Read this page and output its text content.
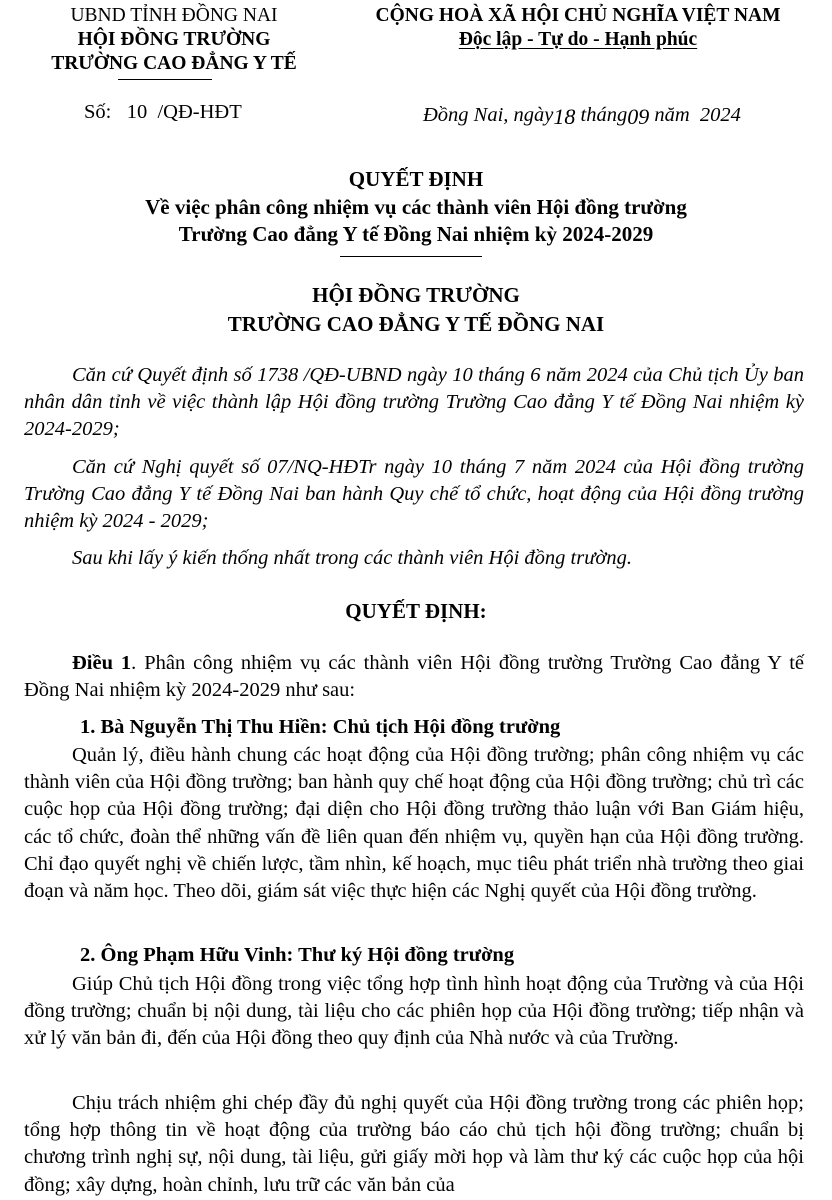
UBND TỈNH ĐỒNG NAI
HỘI ĐỒNG TRƯỜNG
TRƯỜNG CAO ĐẲNG Y TẾ
CỘNG HOÀ XÃ HỘI CHỦ NGHĨA VIỆT NAM
Độc lập - Tự do - Hạnh phúc
Số: 10 /QĐ-HĐT	Đồng Nai, ngày18 tháng09 năm 2024
QUYẾT ĐỊNH
Về việc phân công nhiệm vụ các thành viên Hội đồng trường
Trường Cao đẳng Y tế Đồng Nai nhiệm kỳ 2024-2029
HỘI ĐỒNG TRƯỜNG
TRƯỜNG CAO ĐẲNG Y TẾ ĐỒNG NAI
Căn cứ Quyết định số 1738 /QĐ-UBND ngày 10 tháng 6 năm 2024 của Chủ tịch Ủy ban nhân dân tỉnh về việc thành lập Hội đồng trường Trường Cao đẳng Y tế Đồng Nai nhiệm kỳ 2024-2029;
Căn cứ Nghị quyết số 07/NQ-HĐTr ngày 10 tháng 7 năm 2024 của Hội đồng trường Trường Cao đẳng Y tế Đồng Nai ban hành Quy chế tổ chức, hoạt động của Hội đồng trường nhiệm kỳ 2024 - 2029;
Sau khi lấy ý kiến thống nhất trong các thành viên Hội đồng trường.
QUYẾT ĐỊNH:
Điều 1. Phân công nhiệm vụ các thành viên Hội đồng trường Trường Cao đẳng Y tế Đồng Nai nhiệm kỳ 2024-2029 như sau:
1. Bà Nguyễn Thị Thu Hiền: Chủ tịch Hội đồng trường
Quản lý, điều hành chung các hoạt động của Hội đồng trường; phân công nhiệm vụ các thành viên của Hội đồng trường; ban hành quy chế hoạt động của Hội đồng trường; chủ trì các cuộc họp của Hội đồng trường; đại diện cho Hội đồng trường thảo luận với Ban Giám hiệu, các tổ chức, đoàn thể những vấn đề liên quan đến nhiệm vụ, quyền hạn của Hội đồng trường. Chỉ đạo quyết nghị về chiến lược, tầm nhìn, kế hoạch, mục tiêu phát triển nhà trường theo giai đoạn và năm học. Theo dõi, giám sát việc thực hiện các Nghị quyết của Hội đồng trường.
2. Ông Phạm Hữu Vinh: Thư ký Hội đồng trường
Giúp Chủ tịch Hội đồng trong việc tổng hợp tình hình hoạt động của Trường và của Hội đồng trường; chuẩn bị nội dung, tài liệu cho các phiên họp của Hội đồng trường; tiếp nhận và xử lý văn bản đi, đến của Hội đồng theo quy định của Nhà nước và của Trường.
Chịu trách nhiệm ghi chép đầy đủ nghị quyết của Hội đồng trường trong các phiên họp; tổng hợp thông tin về hoạt động của trường báo cáo chủ tịch hội đồng trường; chuẩn bị chương trình nghị sự, nội dung, tài liệu, gửi giấy mời họp và làm thư ký các cuộc họp của hội đồng; xây dựng, hoàn chỉnh, lưu trữ các văn bản của
